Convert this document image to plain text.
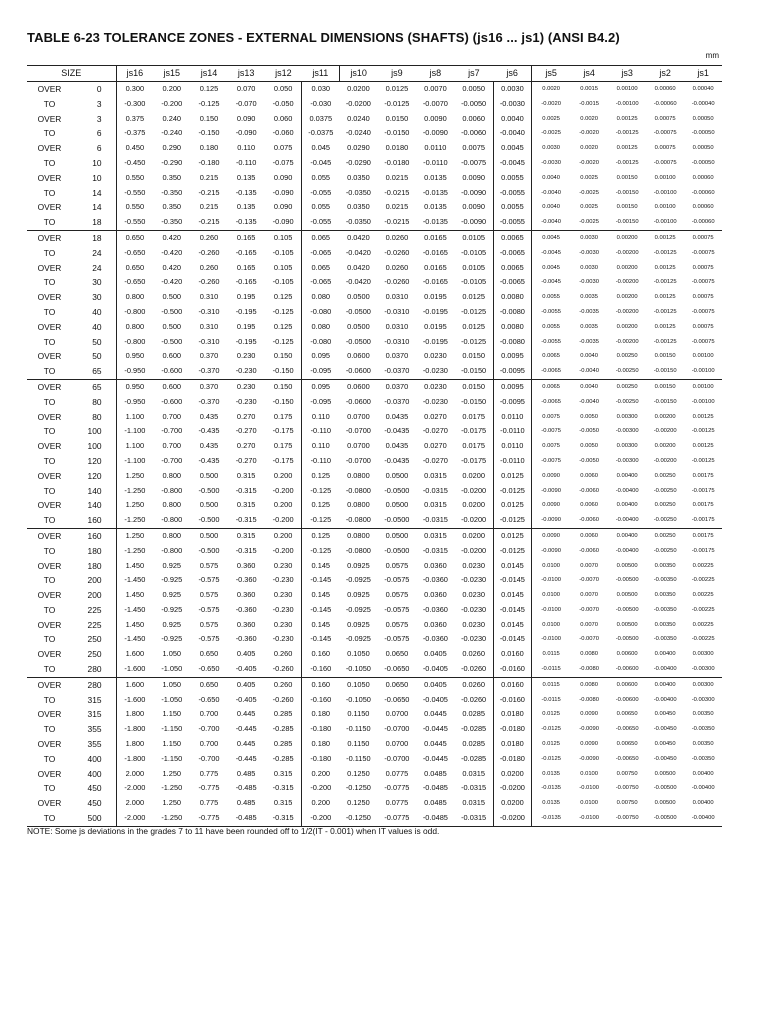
TABLE 6-23 TOLERANCE ZONES - EXTERNAL DIMENSIONS (SHAFTS) (js16 ... js1) (ANSI B4.2)
mm
SIZE		js16	js15	js14	js13	js12	js11	js10	js9	js8	js7	js6	js5	js4	js3	js2	js1
OVER	0	0.300	0.200	0.125	0.070	0.050	0.030	0.0200	0.0125	0.0070	0.0050	0.0030	0.0020	0.0015	0.00100	0.00060	0.00040
TO	3	-0.300	-0.200	-0.125	-0.070	-0.050	-0.030	-0.0200	-0.0125	-0.0070	-0.0050	-0.0030	-0.0020	-0.0015	-0.00100	-0.00060	-0.00040
OVER	3	0.375	0.240	0.150	0.090	0.060	0.0375	0.0240	0.0150	0.0090	0.0060	0.0040	0.0025	0.0020	0.00125	0.00075	0.00050
TO	6	-0.375	-0.240	-0.150	-0.090	-0.060	-0.0375	-0.0240	-0.0150	-0.0090	-0.0060	-0.0040	-0.0025	-0.0020	-0.00125	-0.00075	-0.00050
OVER	6	0.450	0.290	0.180	0.110	0.075	0.045	0.0290	0.0180	0.0110	0.0075	0.0045	0.0030	0.0020	0.00125	0.00075	0.00050
TO	10	-0.450	-0.290	-0.180	-0.110	-0.075	-0.045	-0.0290	-0.0180	-0.0110	-0.0075	-0.0045	-0.0030	-0.0020	-0.00125	-0.00075	-0.00050
OVER	10	0.550	0.350	0.215	0.135	0.090	0.055	0.0350	0.0215	0.0135	0.0090	0.0055	0.0040	0.0025	0.00150	0.00100	0.00060
TO	14	-0.550	-0.350	-0.215	-0.135	-0.090	-0.055	-0.0350	-0.0215	-0.0135	-0.0090	-0.0055	-0.0040	-0.0025	-0.00150	-0.00100	-0.00060
OVER	14	0.550	0.350	0.215	0.135	0.090	0.055	0.0350	0.0215	0.0135	0.0090	0.0055	0.0040	0.0025	0.00150	0.00100	0.00060
TO	18	-0.550	-0.350	-0.215	-0.135	-0.090	-0.055	-0.0350	-0.0215	-0.0135	-0.0090	-0.0055	-0.0040	-0.0025	-0.00150	-0.00100	-0.00060
OVER	18	0.650	0.420	0.260	0.165	0.105	0.065	0.0420	0.0260	0.0165	0.0105	0.0065	0.0045	0.0030	0.00200	0.00125	0.00075
TO	24	-0.650	-0.420	-0.260	-0.165	-0.105	-0.065	-0.0420	-0.0260	-0.0165	-0.0105	-0.0065	-0.0045	-0.0030	-0.00200	-0.00125	-0.00075
OVER	24	0.650	0.420	0.260	0.165	0.105	0.065	0.0420	0.0260	0.0165	0.0105	0.0065	0.0045	0.0030	0.00200	0.00125	0.00075
TO	30	-0.650	-0.420	-0.260	-0.165	-0.105	-0.065	-0.0420	-0.0260	-0.0165	-0.0105	-0.0065	-0.0045	-0.0030	-0.00200	-0.00125	-0.00075
OVER	30	0.800	0.500	0.310	0.195	0.125	0.080	0.0500	0.0310	0.0195	0.0125	0.0080	0.0055	0.0035	0.00200	0.00125	0.00075
TO	40	-0.800	-0.500	-0.310	-0.195	-0.125	-0.080	-0.0500	-0.0310	-0.0195	-0.0125	-0.0080	-0.0055	-0.0035	-0.00200	-0.00125	-0.00075
OVER	40	0.800	0.500	0.310	0.195	0.125	0.080	0.0500	0.0310	0.0195	0.0125	0.0080	0.0055	0.0035	0.00200	0.00125	0.00075
TO	50	-0.800	-0.500	-0.310	-0.195	-0.125	-0.080	-0.0500	-0.0310	-0.0195	-0.0125	-0.0080	-0.0055	-0.0035	-0.00200	-0.00125	-0.00075
OVER	50	0.950	0.600	0.370	0.230	0.150	0.095	0.0600	0.0370	0.0230	0.0150	0.0095	0.0065	0.0040	0.00250	0.00150	0.00100
TO	65	-0.950	-0.600	-0.370	-0.230	-0.150	-0.095	-0.0600	-0.0370	-0.0230	-0.0150	-0.0095	-0.0065	-0.0040	-0.00250	-0.00150	-0.00100
OVER	65	0.950	0.600	0.370	0.230	0.150	0.095	0.0600	0.0370	0.0230	0.0150	0.0095	0.0065	0.0040	0.00250	0.00150	0.00100
TO	80	-0.950	-0.600	-0.370	-0.230	-0.150	-0.095	-0.0600	-0.0370	-0.0230	-0.0150	-0.0095	-0.0065	-0.0040	-0.00250	-0.00150	-0.00100
OVER	80	1.100	0.700	0.435	0.270	0.175	0.110	0.0700	0.0435	0.0270	0.0175	0.0110	0.0075	0.0050	0.00300	0.00200	0.00125
TO	100	-1.100	-0.700	-0.435	-0.270	-0.175	-0.110	-0.0700	-0.0435	-0.0270	-0.0175	-0.0110	-0.0075	-0.0050	-0.00300	-0.00200	-0.00125
OVER	100	1.100	0.700	0.435	0.270	0.175	0.110	0.0700	0.0435	0.0270	0.0175	0.0110	0.0075	0.0050	0.00300	0.00200	0.00125
TO	120	-1.100	-0.700	-0.435	-0.270	-0.175	-0.110	-0.0700	-0.0435	-0.0270	-0.0175	-0.0110	-0.0075	-0.0050	-0.00300	-0.00200	-0.00125
OVER	120	1.250	0.800	0.500	0.315	0.200	0.125	0.0800	0.0500	0.0315	0.0200	0.0125	0.0090	0.0060	0.00400	0.00250	0.00175
TO	140	-1.250	-0.800	-0.500	-0.315	-0.200	-0.125	-0.0800	-0.0500	-0.0315	-0.0200	-0.0125	-0.0090	-0.0060	-0.00400	-0.00250	-0.00175
OVER	140	1.250	0.800	0.500	0.315	0.200	0.125	0.0800	0.0500	0.0315	0.0200	0.0125	0.0090	0.0060	0.00400	0.00250	0.00175
TO	160	-1.250	-0.800	-0.500	-0.315	-0.200	-0.125	-0.0800	-0.0500	-0.0315	-0.0200	-0.0125	-0.0090	-0.0060	-0.00400	-0.00250	-0.00175
OVER	160	1.250	0.800	0.500	0.315	0.200	0.125	0.0800	0.0500	0.0315	0.0200	0.0125	0.0090	0.0060	0.00400	0.00250	0.00175
TO	180	-1.250	-0.800	-0.500	-0.315	-0.200	-0.125	-0.0800	-0.0500	-0.0315	-0.0200	-0.0125	-0.0090	-0.0060	-0.00400	-0.00250	-0.00175
OVER	180	1.450	0.925	0.575	0.360	0.230	0.145	0.0925	0.0575	0.0360	0.0230	0.0145	0.0100	0.0070	0.00500	0.00350	0.00225
TO	200	-1.450	-0.925	-0.575	-0.360	-0.230	-0.145	-0.0925	-0.0575	-0.0360	-0.0230	-0.0145	-0.0100	-0.0070	-0.00500	-0.00350	-0.00225
OVER	200	1.450	0.925	0.575	0.360	0.230	0.145	0.0925	0.0575	0.0360	0.0230	0.0145	0.0100	0.0070	0.00500	0.00350	0.00225
TO	225	-1.450	-0.925	-0.575	-0.360	-0.230	-0.145	-0.0925	-0.0575	-0.0360	-0.0230	-0.0145	-0.0100	-0.0070	-0.00500	-0.00350	-0.00225
OVER	225	1.450	0.925	0.575	0.360	0.230	0.145	0.0925	0.0575	0.0360	0.0230	0.0145	0.0100	0.0070	0.00500	0.00350	0.00225
TO	250	-1.450	-0.925	-0.575	-0.360	-0.230	-0.145	-0.0925	-0.0575	-0.0360	-0.0230	-0.0145	-0.0100	-0.0070	-0.00500	-0.00350	-0.00225
OVER	250	1.600	1.050	0.650	0.405	0.260	0.160	0.1050	0.0650	0.0405	0.0260	0.0160	0.0115	0.0080	0.00600	0.00400	0.00300
TO	280	-1.600	-1.050	-0.650	-0.405	-0.260	-0.160	-0.1050	-0.0650	-0.0405	-0.0260	-0.0160	-0.0115	-0.0080	-0.00600	-0.00400	-0.00300
OVER	280	1.600	1.050	0.650	0.405	0.260	0.160	0.1050	0.0650	0.0405	0.0260	0.0160	0.0115	0.0080	0.00600	0.00400	0.00300
TO	315	-1.600	-1.050	-0.650	-0.405	-0.260	-0.160	-0.1050	-0.0650	-0.0405	-0.0260	-0.0160	-0.0115	-0.0080	-0.00600	-0.00400	-0.00300
OVER	315	1.800	1.150	0.700	0.445	0.285	0.180	0.1150	0.0700	0.0445	0.0285	0.0180	0.0125	0.0090	0.00650	0.00450	0.00350
TO	355	-1.800	-1.150	-0.700	-0.445	-0.285	-0.180	-0.1150	-0.0700	-0.0445	-0.0285	-0.0180	-0.0125	-0.0090	-0.00650	-0.00450	-0.00350
OVER	355	1.800	1.150	0.700	0.445	0.285	0.180	0.1150	0.0700	0.0445	0.0285	0.0180	0.0125	0.0090	0.00650	0.00450	0.00350
TO	400	-1.800	-1.150	-0.700	-0.445	-0.285	-0.180	-0.1150	-0.0700	-0.0445	-0.0285	-0.0180	-0.0125	-0.0090	-0.00650	-0.00450	-0.00350
OVER	400	2.000	1.250	0.775	0.485	0.315	0.200	0.1250	0.0775	0.0485	0.0315	0.0200	0.0135	0.0100	0.00750	0.00500	0.00400
TO	450	-2.000	-1.250	-0.775	-0.485	-0.315	-0.200	-0.1250	-0.0775	-0.0485	-0.0315	-0.0200	-0.0135	-0.0100	-0.00750	-0.00500	-0.00400
OVER	450	2.000	1.250	0.775	0.485	0.315	0.200	0.1250	0.0775	0.0485	0.0315	0.0200	0.0135	0.0100	0.00750	0.00500	0.00400
TO	500	-2.000	-1.250	-0.775	-0.485	-0.315	-0.200	-0.1250	-0.0775	-0.0485	-0.0315	-0.0200	-0.0135	-0.0100	-0.00750	-0.00500	-0.00400
NOTE: Some js deviations in the grades 7 to 11 have been rounded off to 1/2(IT - 0.001) when IT values is odd.
